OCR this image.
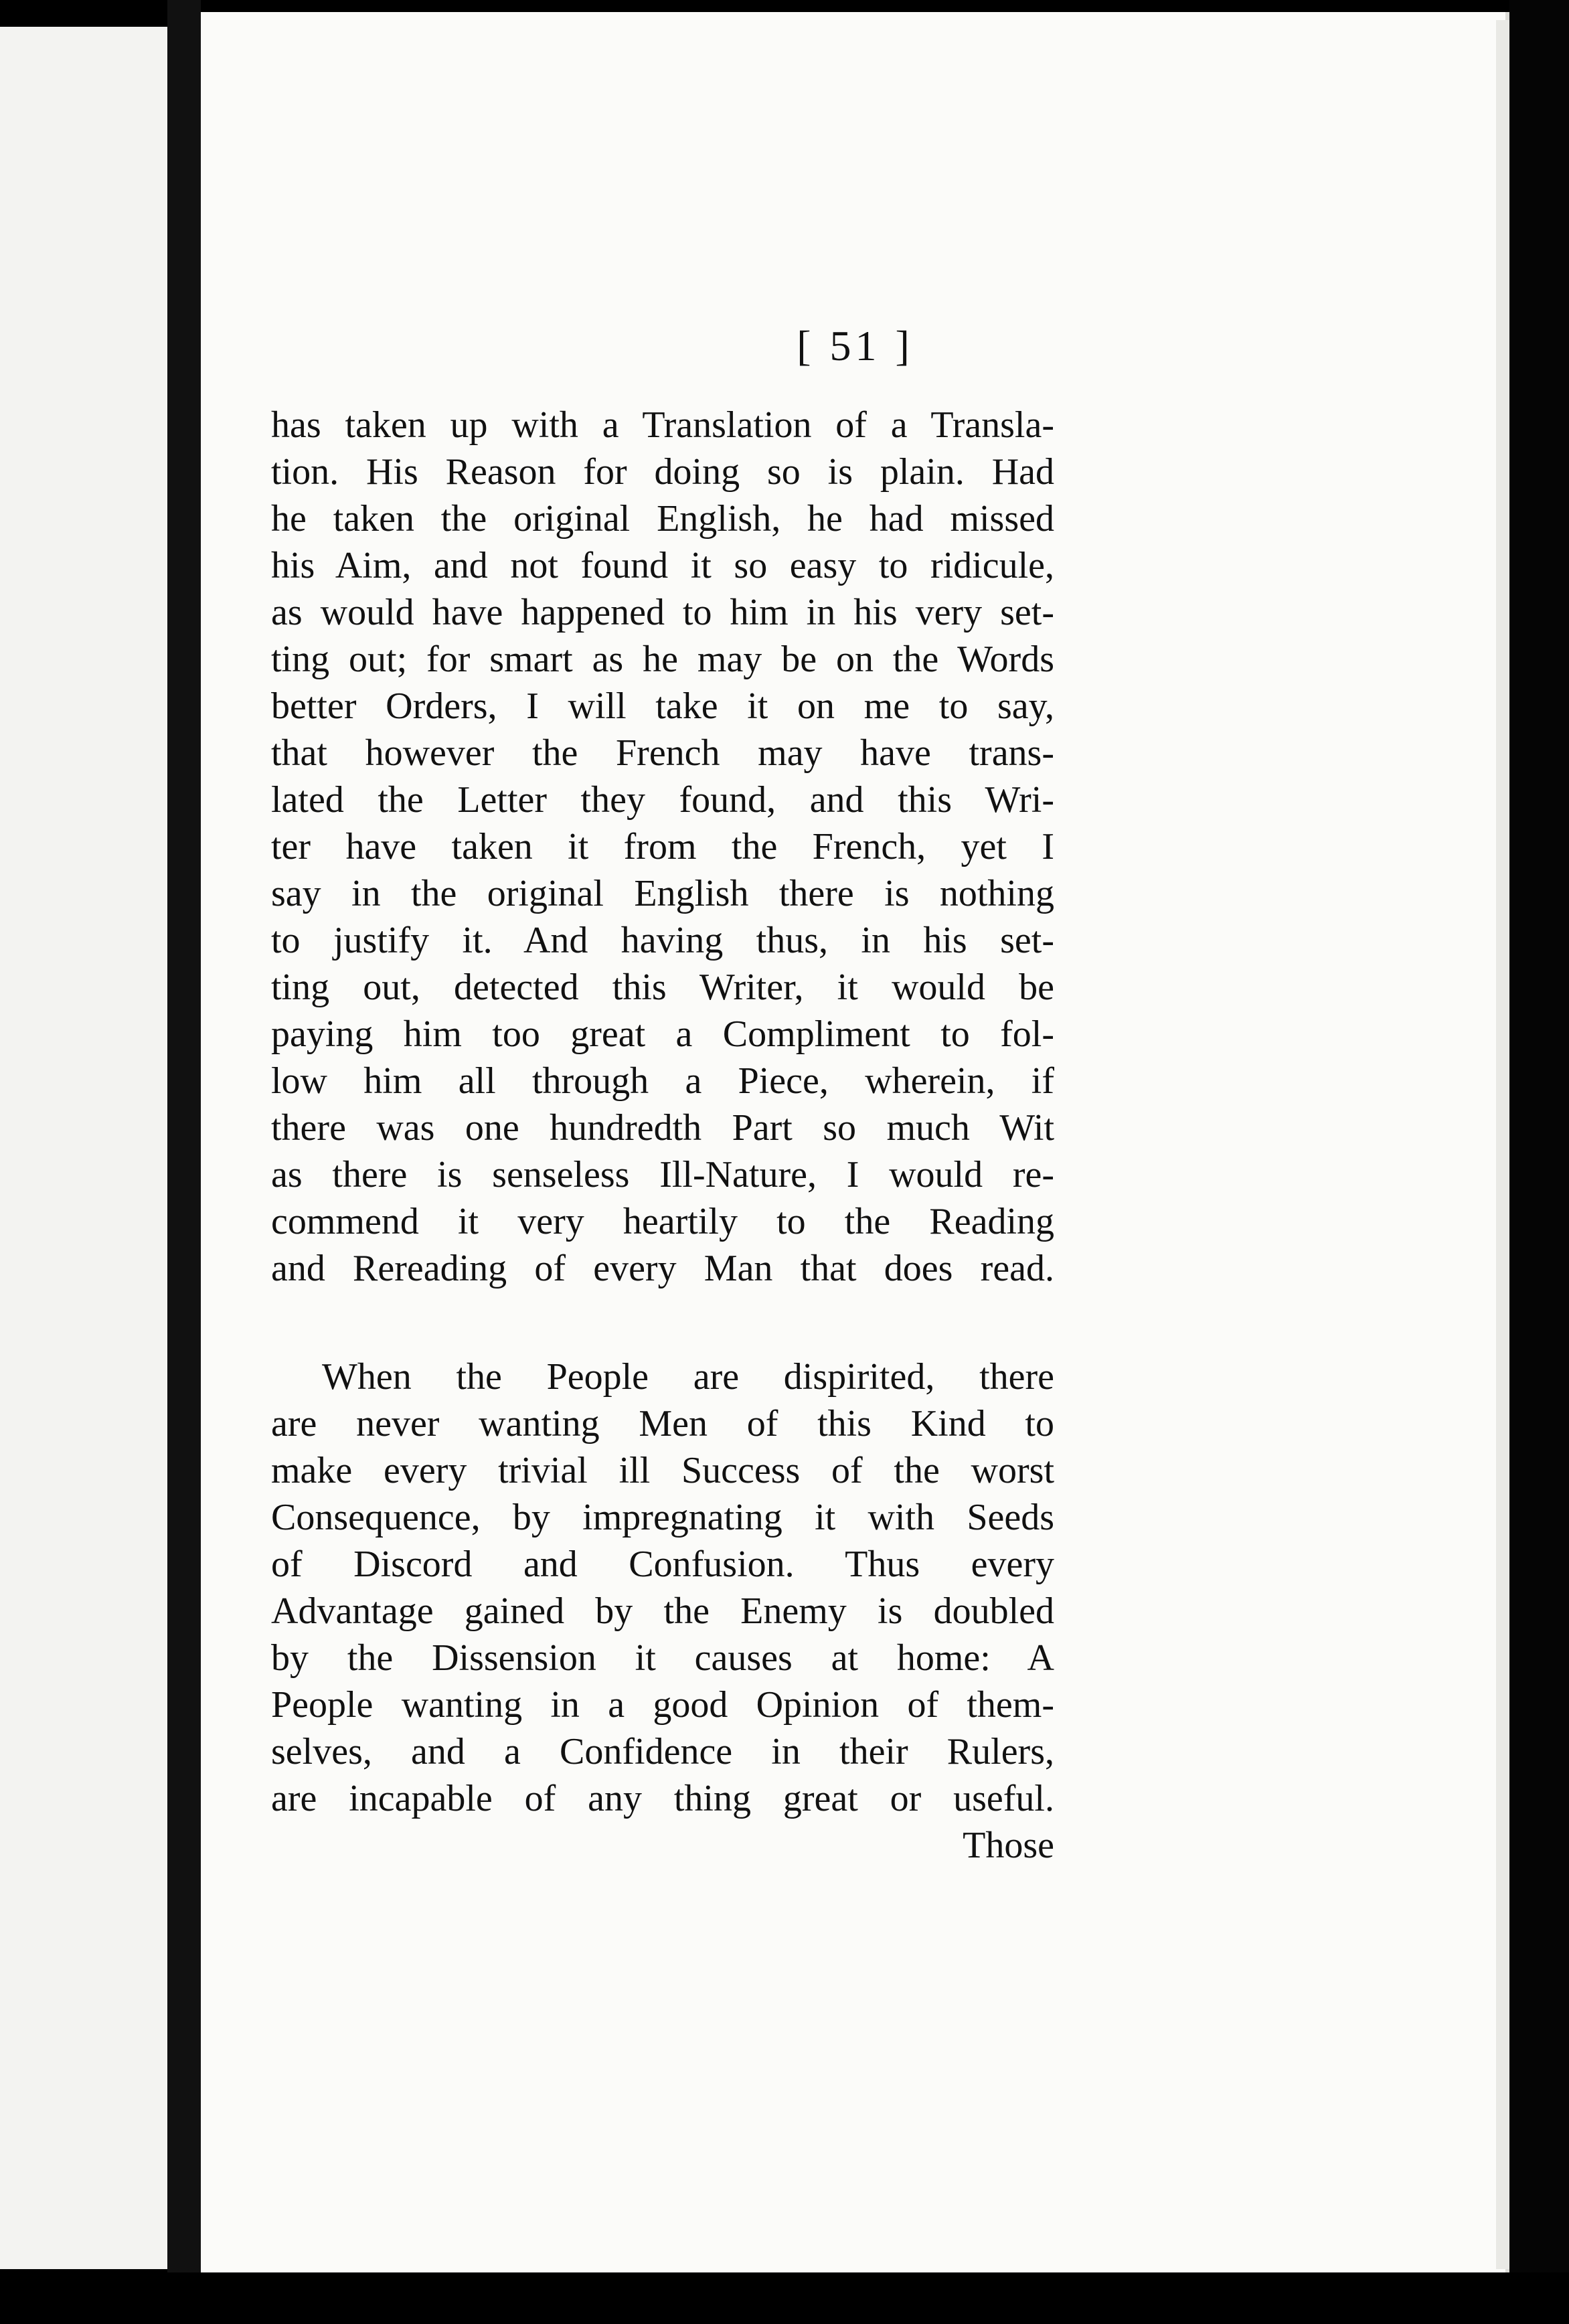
[ 51 ]
has taken up with a Translation of a Transla-
tion. His Reason for doing so is plain. Had
he taken the original English, he had missed
his Aim, and not found it so easy to ridicule,
as would have happened to him in his very set-
ting out; for smart as he may be on the Words
better Orders, I will take it on me to say,
that however the French may have trans-
lated the Letter they found, and this Wri-
ter have taken it from the French, yet I
say in the original English there is nothing
to justify it. And having thus, in his set-
ting out, detected this Writer, it would be
paying him too great a Compliment to fol-
low him all through a Piece, wherein, if
there was one hundredth Part so much Wit
as there is senseless Ill-Nature, I would re-
commend it very heartily to the Reading
and Rereading of every Man that does read.
When the People are dispirited, there
are never wanting Men of this Kind to
make every trivial ill Success of the worst
Consequence, by impregnating it with Seeds
of Discord and Confusion. Thus every
Advantage gained by the Enemy is doubled
by the Dissension it causes at home: A
People wanting in a good Opinion of them-
selves, and a Confidence in their Rulers,
are incapable of any thing great or useful.
Those
